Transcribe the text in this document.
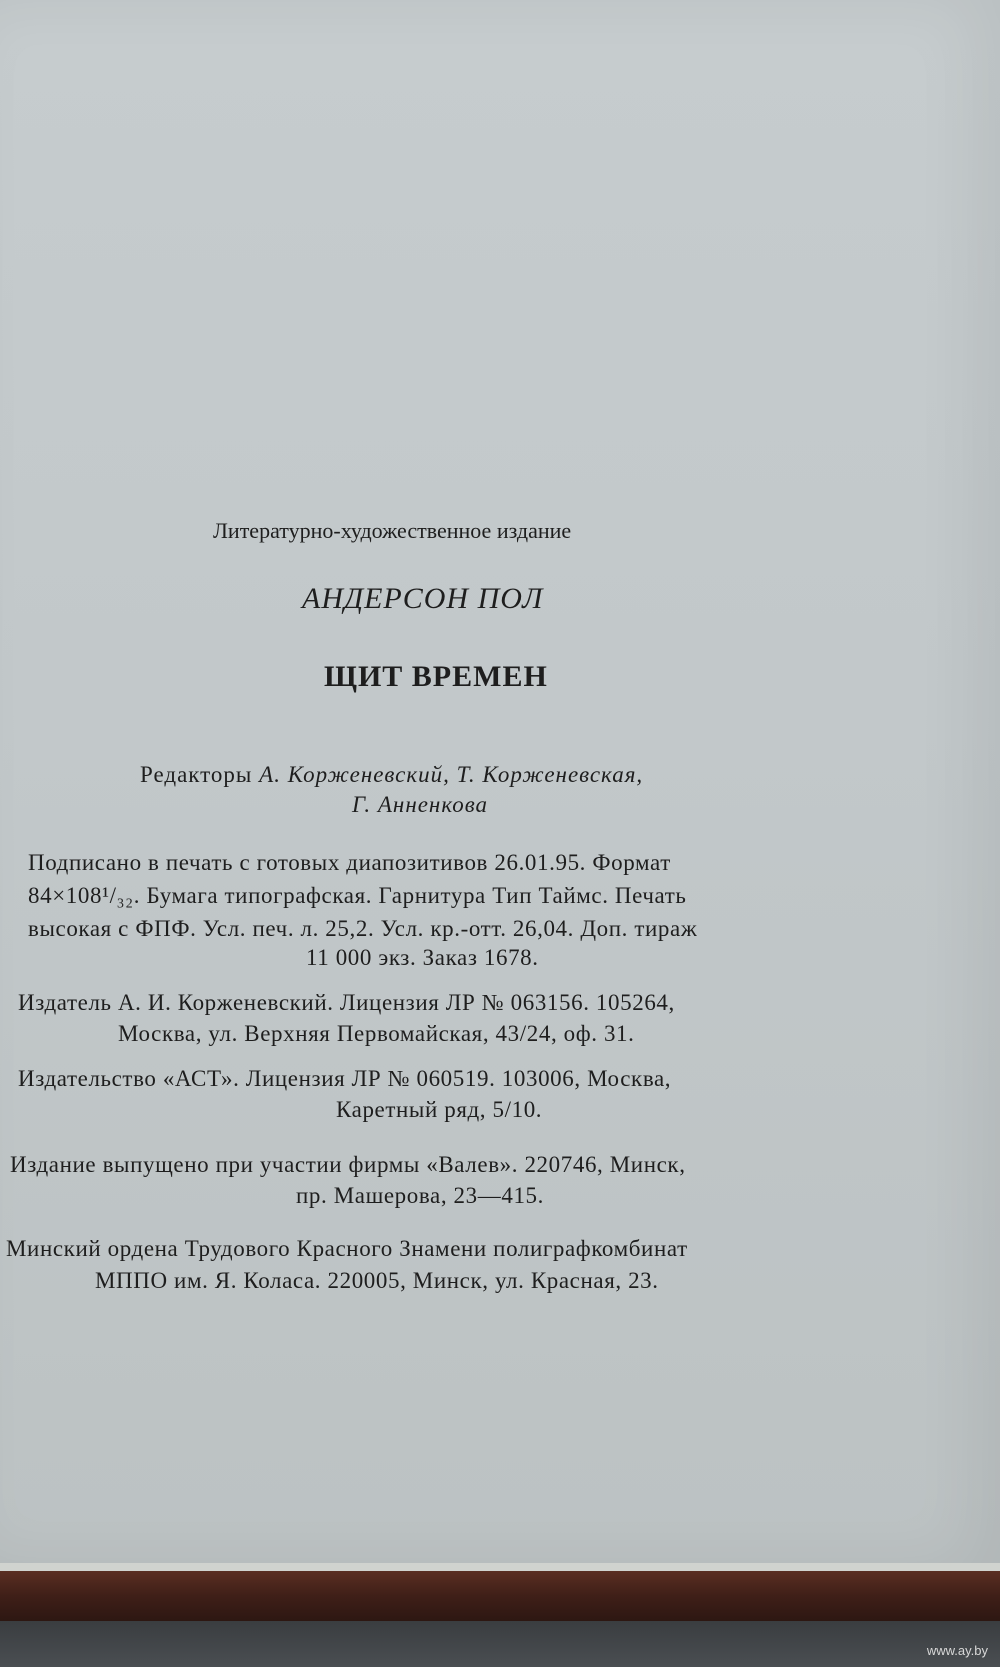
Литературно-художественное издание

АНДЕРСОН ПОЛ

ЩИТ ВРЕМЕН

Редакторы А. Корженевский, Т. Корженевская,

Г. Анненкова

Подписано в печать с готовых диапозитивов 26.01.95. Формат

84×108¹/₃₂. Бумага типографская. Гарнитура Тип Таймс. Печать

высокая с ФПФ. Усл. печ. л. 25,2. Усл. кр.-отт. 26,04. Доп. тираж

11 000 экз. Заказ 1678.

Издатель А. И. Корженевский. Лицензия ЛР № 063156. 105264,

Москва, ул. Верхняя Первомайская, 43/24, оф. 31.

Издательство «АСТ». Лицензия ЛР № 060519. 103006, Москва,

Каретный ряд, 5/10.

Издание выпущено при участии фирмы «Валев». 220746, Минск,

пр. Машерова, 23—415.

Минский ордена Трудового Красного Знамени полиграфкомбинат

МППО им. Я. Коласа. 220005, Минск, ул. Красная, 23.

www.ay.by
